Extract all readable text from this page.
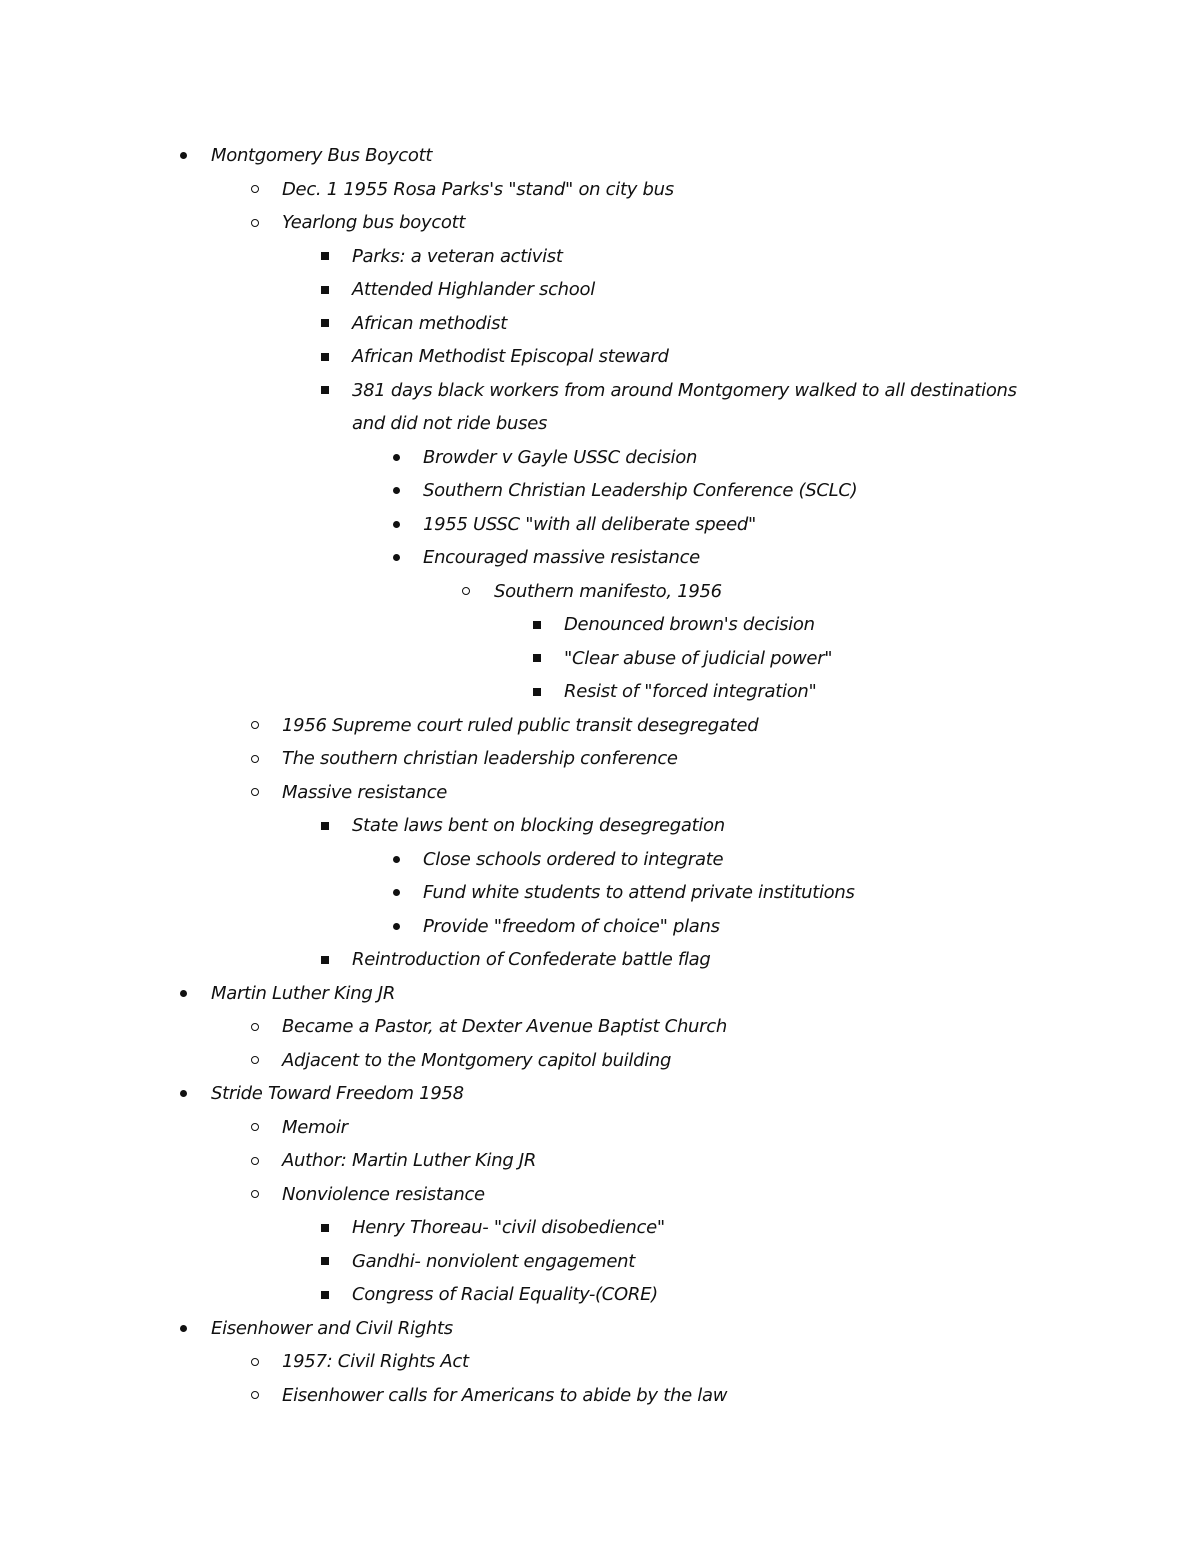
Montgomery Bus Boycott
Dec. 1 1955 Rosa Parks's "stand" on city bus
Yearlong bus boycott
Parks: a veteran activist
Attended Highlander school
African methodist
African Methodist Episcopal steward
381 days black workers from around Montgomery walked to all destinations and did not ride buses
Browder v Gayle USSC decision
Southern Christian Leadership Conference (SCLC)
1955 USSC "with all deliberate speed"
Encouraged massive resistance
Southern manifesto, 1956
Denounced brown's decision
"Clear abuse of judicial power"
Resist of "forced integration"
1956 Supreme court ruled public transit desegregated
The southern christian leadership conference
Massive resistance
State laws bent on blocking desegregation
Close schools ordered to integrate
Fund white students to attend private institutions
Provide "freedom of choice" plans
Reintroduction of Confederate battle flag
Martin Luther King JR
Became a Pastor, at Dexter Avenue Baptist Church
Adjacent to the Montgomery capitol building
Stride Toward Freedom 1958
Memoir
Author: Martin Luther King JR
Nonviolence resistance
Henry Thoreau- "civil disobedience"
Gandhi- nonviolent engagement
Congress of Racial Equality-(CORE)
Eisenhower and Civil Rights
1957: Civil Rights Act
Eisenhower calls for Americans to abide by the law
